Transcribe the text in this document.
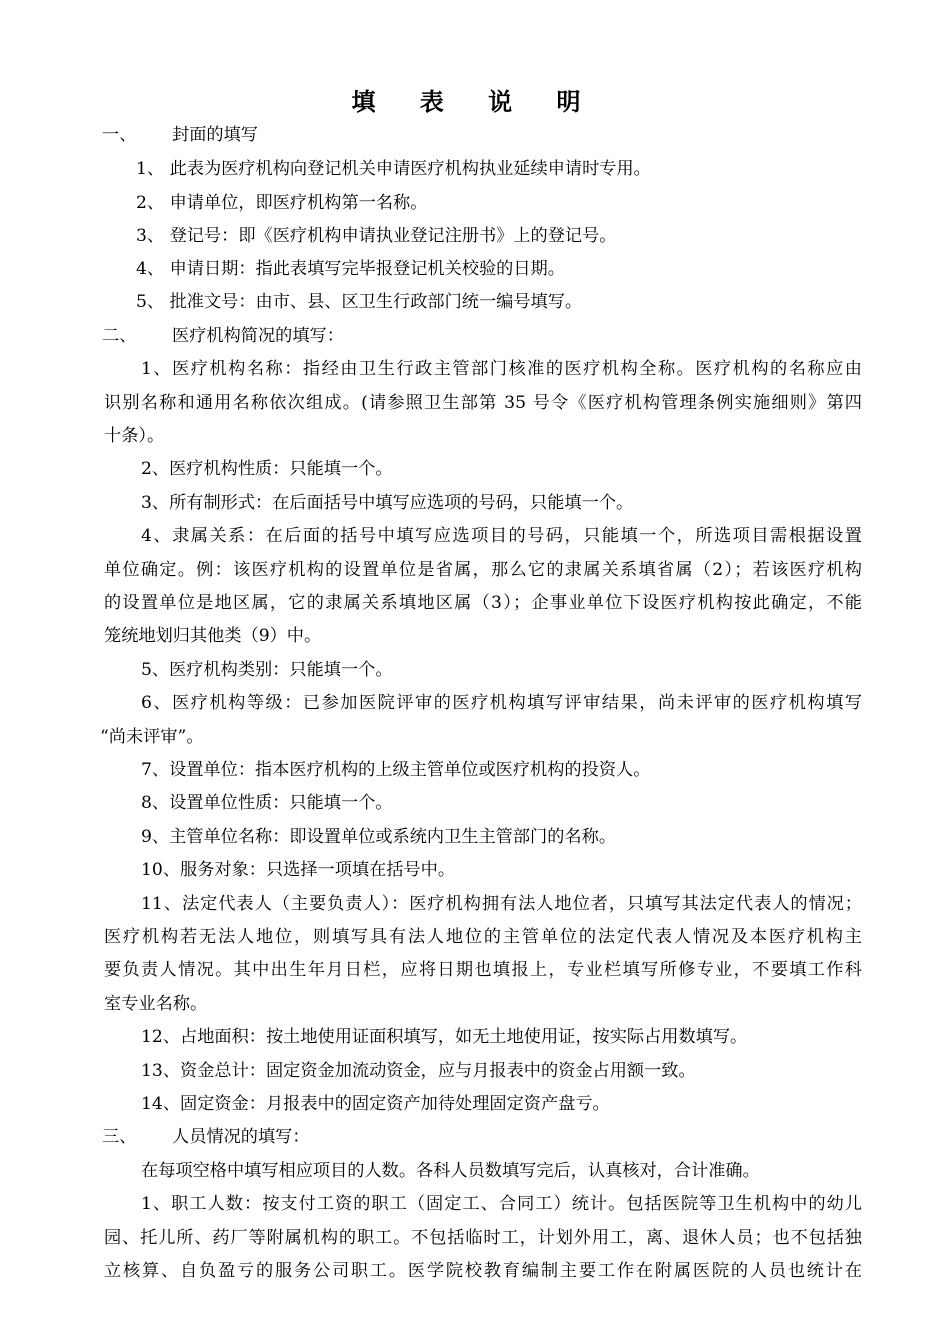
填 表 说 明
一、 封面的填写
1、 此表为医疗机构向登记机关申请医疗机构执业延续申请时专用。
2、 申请单位，即医疗机构第一名称。
3、 登记号：即《医疗机构申请执业登记注册书》上的登记号。
4、 申请日期：指此表填写完毕报登记机关校验的日期。
5、 批准文号：由市、县、区卫生行政部门统一编号填写。
二、 医疗机构简况的填写：
1、医疗机构名称：指经由卫生行政主管部门核准的医疗机构全称。医疗机构的名称应由
识别名称和通用名称依次组成。(请参照卫生部第 35 号令《医疗机构管理条例实施细则》第四
十条）。
2、医疗机构性质：只能填一个。
3、所有制形式：在后面括号中填写应选项的号码，只能填一个。
4、隶属关系：在后面的括号中填写应选项目的号码，只能填一个，所选项目需根据设置
单位确定。例：该医疗机构的设置单位是省属，那么它的隶属关系填省属（2）；若该医疗机构
的设置单位是地区属，它的隶属关系填地区属（3）；企事业单位下设医疗机构按此确定，不能
笼统地划归其他类（9）中。
5、医疗机构类别：只能填一个。
6、医疗机构等级：已参加医院评审的医疗机构填写评审结果，尚未评审的医疗机构填写
“尚未评审”。
7、设置单位：指本医疗机构的上级主管单位或医疗机构的投资人。
8、设置单位性质：只能填一个。
9、主管单位名称：即设置单位或系统内卫生主管部门的名称。
10、服务对象：只选择一项填在括号中。
11、法定代表人（主要负责人）：医疗机构拥有法人地位者，只填写其法定代表人的情况；
医疗机构若无法人地位，则填写具有法人地位的主管单位的法定代表人情况及本医疗机构主
要负责人情况。其中出生年月日栏，应将日期也填报上，专业栏填写所修专业，不要填工作科
室专业名称。
12、占地面积：按土地使用证面积填写，如无土地使用证，按实际占用数填写。
13、资金总计：固定资金加流动资金，应与月报表中的资金占用额一致。
14、固定资金：月报表中的固定资产加待处理固定资产盘亏。
三、 人员情况的填写：
在每项空格中填写相应项目的人数。各科人员数填写完后，认真核对，合计准确。
1、职工人数：按支付工资的职工（固定工、合同工）统计。包括医院等卫生机构中的幼儿
园、托儿所、药厂等附属机构的职工。不包括临时工，计划外用工，离、退休人员；也不包括独
立核算、自负盈亏的服务公司职工。医学院校教育编制主要工作在附属医院的人员也统计在
